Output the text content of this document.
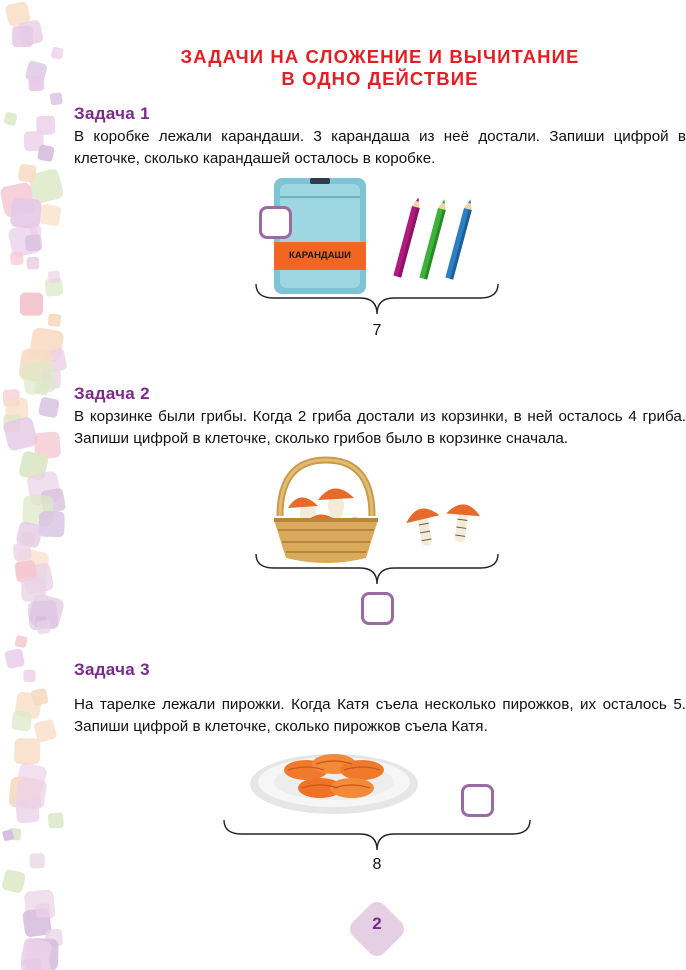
ЗАДАЧИ НА СЛОЖЕНИЕ И ВЫЧИТАНИЕ
В ОДНО ДЕЙСТВИЕ
Задача 1
В коробке лежали карандаши. 3 карандаша из неё достали. Запиши цифрой в клеточке, сколько карандашей осталось в коробке.
КАРАНДАШИ
7
Задача 2
В корзинке были грибы. Когда 2 гриба достали из корзинки, в ней осталось 4 гриба. Запиши цифрой в клеточке, сколько грибов было в корзинке сначала.
Задача 3
На тарелке лежали пирожки. Когда Катя съела несколько пирожков, их осталось 5. Запиши цифрой в клеточке, сколько пирожков съела Катя.
8
2
